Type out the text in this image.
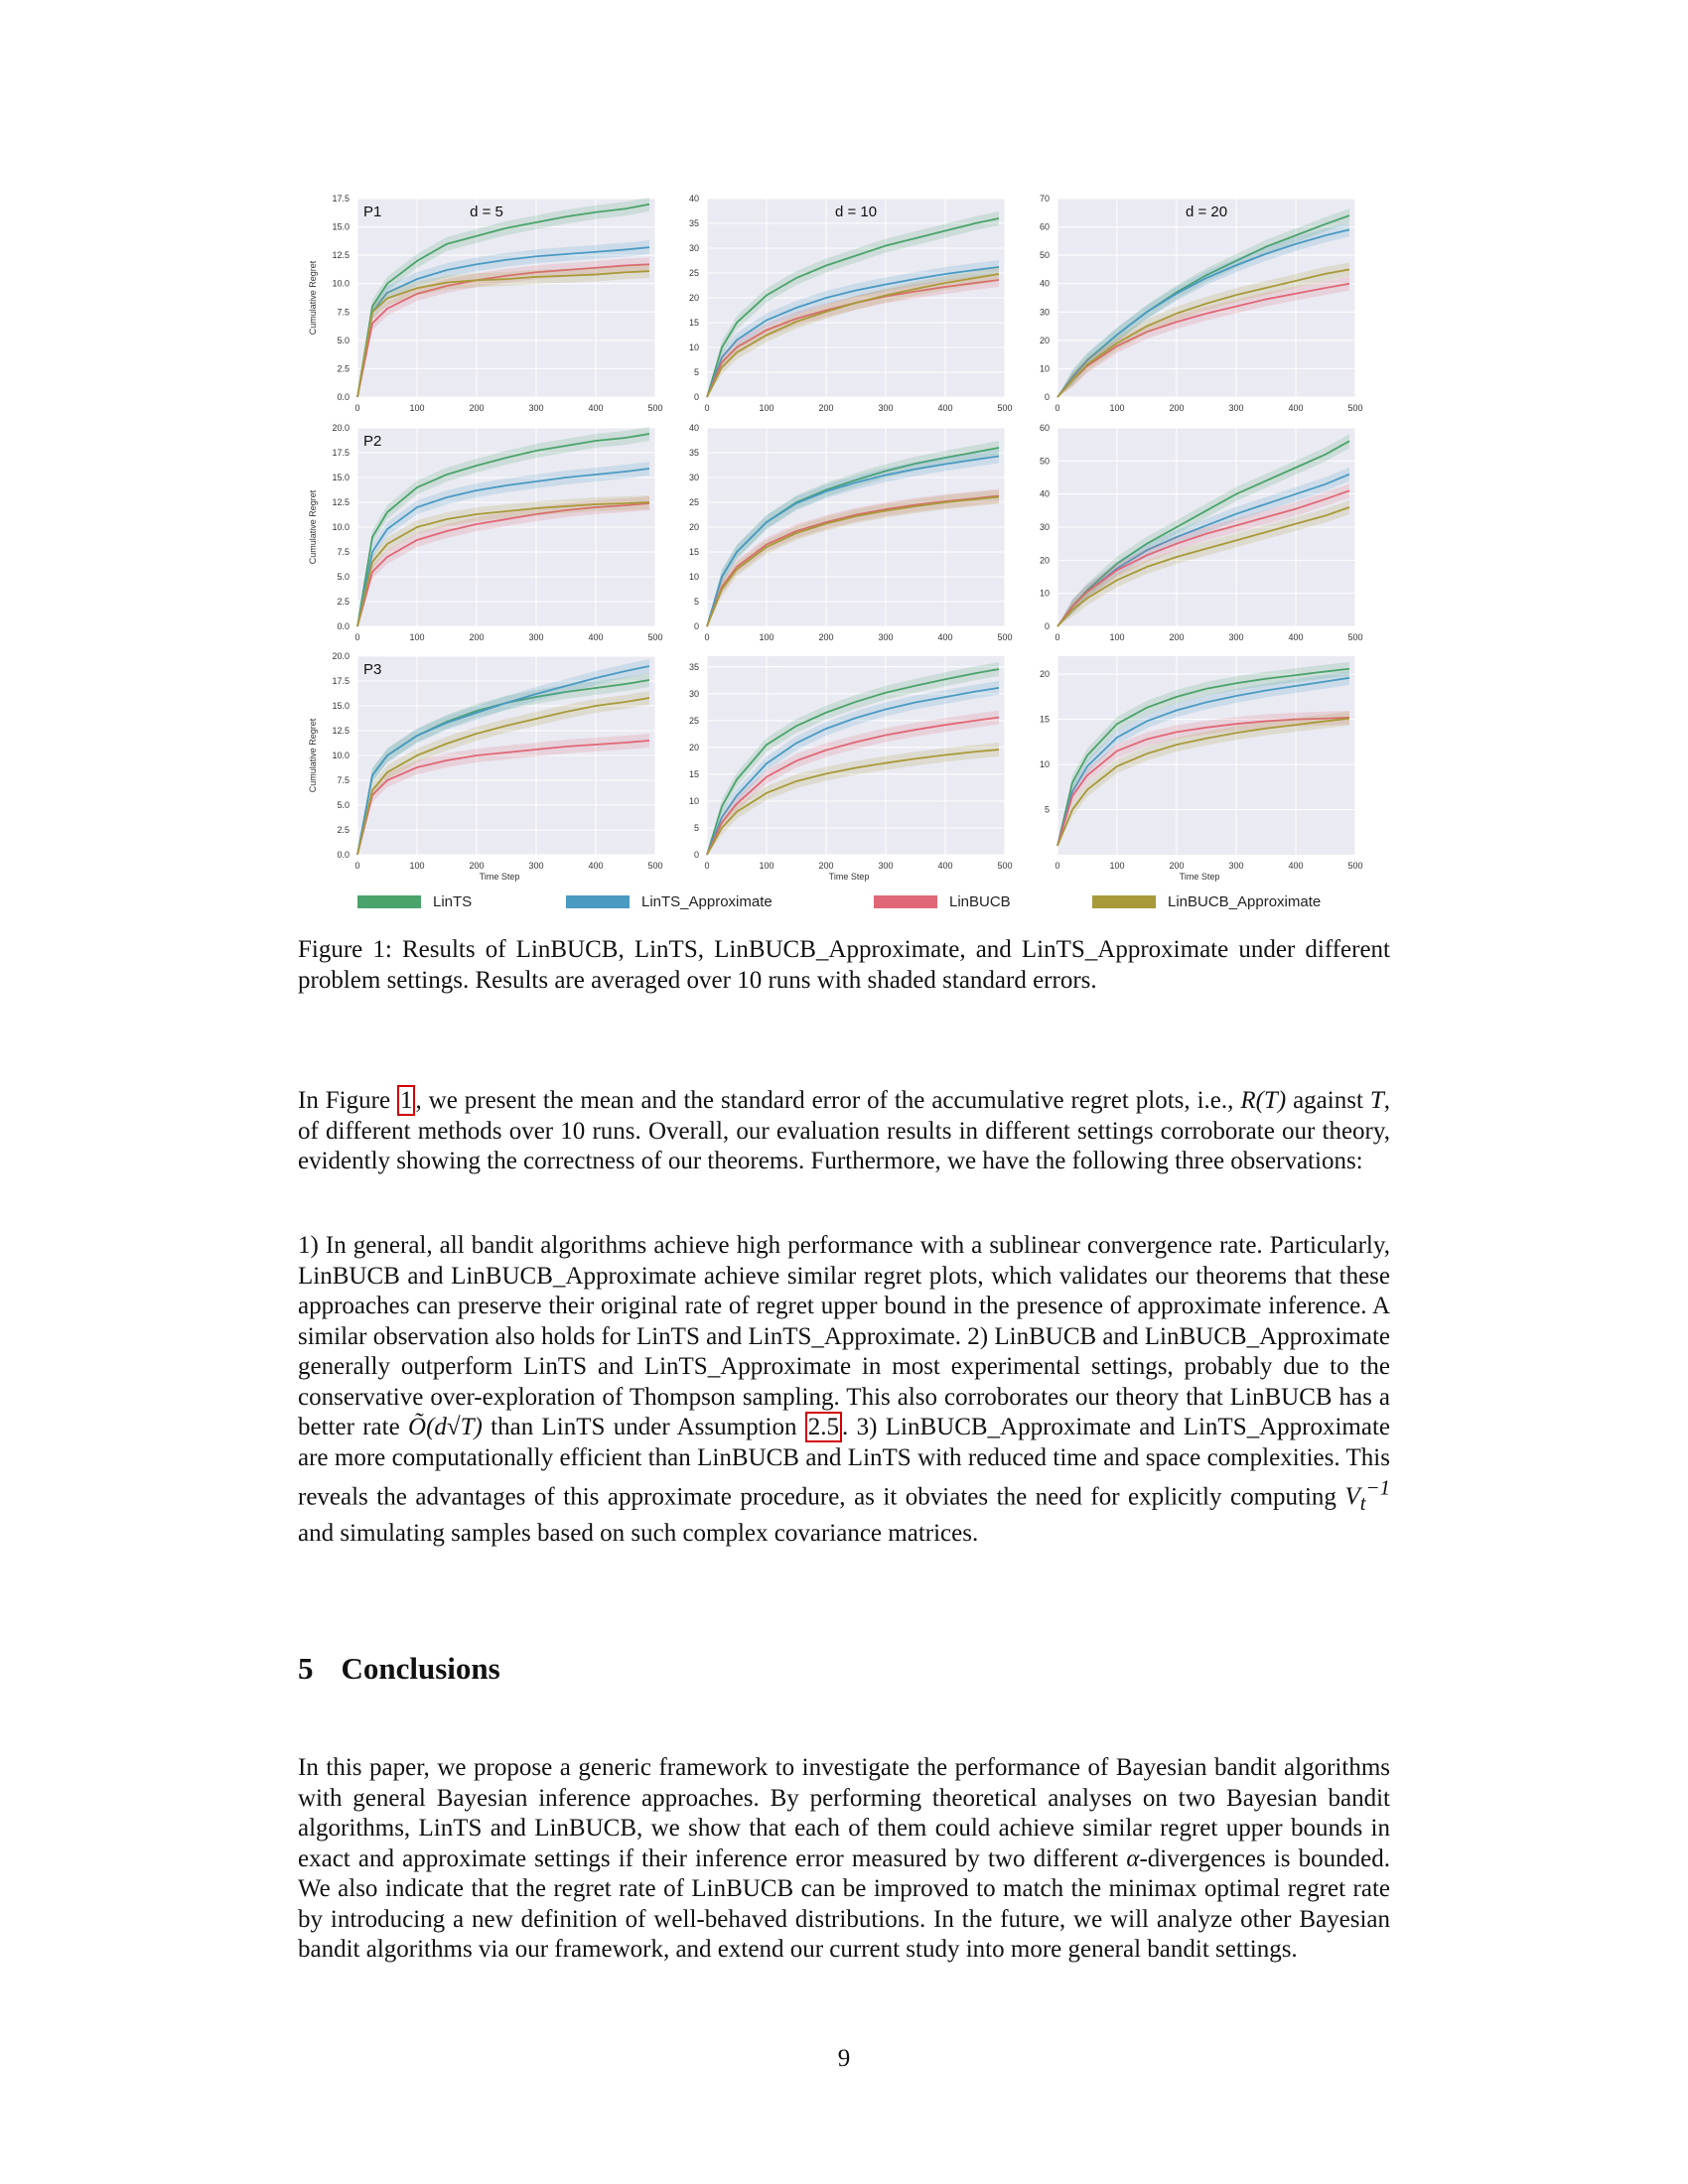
0.0
2.5
5.0
7.5
10.0
12.5
15.0
17.5
0	100	200	300	400	500
d = 5
P1
Cumulative Regret
0
5
10
15
20
25
30
35
40
0	100	200	300	400	500
d = 10
0
10
20
30
40
50
60
70
0	100	200	300	400	500
d = 20
0.0
2.5
5.0
7.5
10.0
12.5
15.0
17.5
20.0
0	100	200	300	400	500
P2
Cumulative Regret
0
5
10
15
20
25
30
35
40
0	100	200	300	400	500
0
10
20
30
40
50
60
0	100	200	300	400	500
0.0
2.5
5.0
7.5
10.0
12.5
15.0
17.5
20.0
0	100	200	300	400	500
P3
Cumulative Regret
Time Step
0
5
10
15
20
25
30
35
0	100	200	300	400	500
Time Step
5
10
15
20
0	100	200	300	400	500
Time Step
LinTS	LinTS_Approximate	LinBUCB	LinBUCB_Approximate
Figure 1: Results of LinBUCB, LinTS, LinBUCB_Approximate, and LinTS_Approximate under different problem settings. Results are averaged over 10 runs with shaded standard errors.

In Figure 1 , we present the mean and the standard error of the accumulative regret plots, i.e., R(T) against T, of different methods over 10 runs. Overall, our evaluation results in different settings corroborate our theory, evidently showing the correctness of our theorems. Furthermore, we have the following three observations:

1) In general, all bandit algorithms achieve high performance with a sublinear convergence rate. Particularly, LinBUCB and LinBUCB_Approximate achieve similar regret plots, which validates our theorems that these approaches can preserve their original rate of regret upper bound in the presence of approximate inference. A similar observation also holds for LinTS and LinTS_Approximate. 2) LinBUCB and LinBUCB_Approximate generally outperform LinTS and LinTS_Approximate in most experimental settings, probably due to the conservative over-exploration of Thompson sampling. This also corroborates our theory that LinBUCB has a better rate Õ(d√T) than LinTS under Assumption 2.5 . 3) LinBUCB_Approximate and LinTS_Approximate are more computationally efficient than LinBUCB and LinTS with reduced time and space complexities. This reveals the advantages of this approximate procedure, as it obviates the need for explicitly computing $V_t^{-1}$ and simulating samples based on such complex covariance matrices.

5 Conclusions

In this paper, we propose a generic framework to investigate the performance of Bayesian bandit algorithms with general Bayesian inference approaches. By performing theoretical analyses on two Bayesian bandit algorithms, LinTS and LinBUCB, we show that each of them could achieve similar regret upper bounds in exact and approximate settings if their inference error measured by two different α-divergences is bounded. We also indicate that the regret rate of LinBUCB can be improved to match the minimax optimal regret rate by introducing a new definition of well-behaved distributions. In the future, we will analyze other Bayesian bandit algorithms via our framework, and extend our current study into more general bandit settings.

9
